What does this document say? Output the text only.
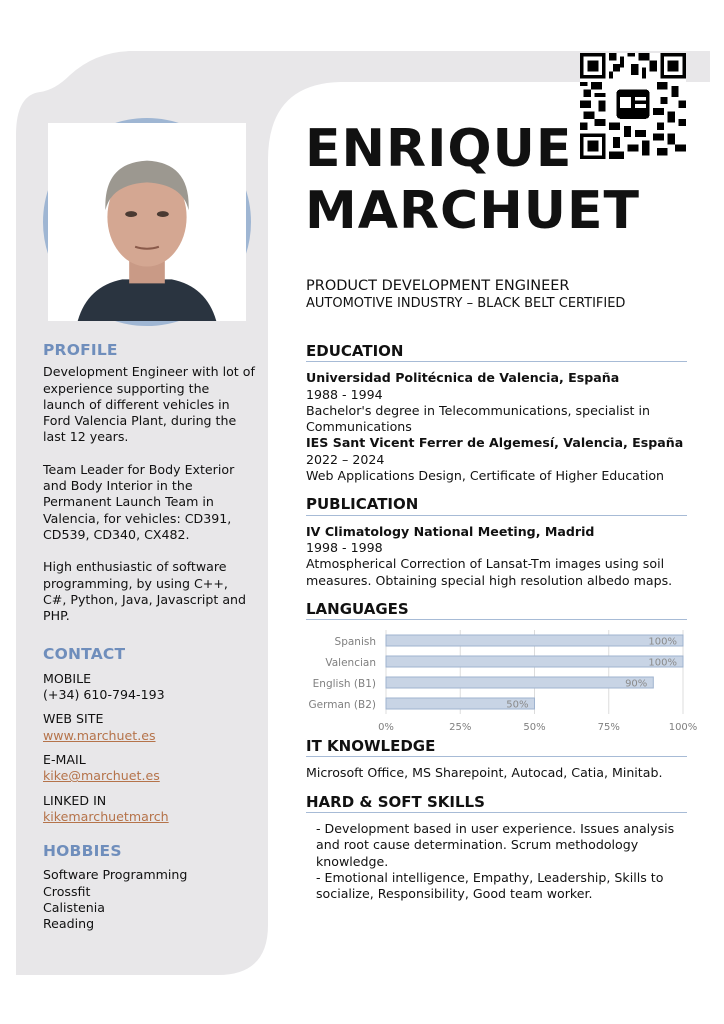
ENRIQUE
MARCHUET
PRODUCT DEVELOPMENT ENGINEER
AUTOMOTIVE INDUSTRY – BLACK BELT CERTIFIED
PROFILE

Development Engineer with lot of experience supporting the launch of different vehicles in Ford Valencia Plant, during the last 12 years.

Team Leader for Body Exterior and Body Interior in the Permanent Launch Team in Valencia, for vehicles: CD391, CD539, CD340, CX482.

High enthusiastic of software programming, by using C++, C#, Python, Java, Javascript and PHP.

CONTACT
MOBILE
(+34) 610-794-193
WEB SITE
www.marchuet.es
E-MAIL
kike@marchuet.es
LINKED IN
kikemarchuetmarch
HOBBIES
Software Programming
Crossfit
Calistenia
Reading
EDUCATION
Universidad Politécnica de Valencia, España
1988 - 1994
Bachelor's degree in Telecommunications, specialist in Communications
IES Sant Vicent Ferrer de Algemesí, Valencia, España
2022 – 2024
Web Applications Design, Certificate of Higher Education
PUBLICATION
IV Climatology National Meeting, Madrid
1998 - 1998
Atmospherical Correction of Lansat-Tm images using soil measures. Obtaining special high resolution albedo maps.
LANGUAGES
0%	25%	50%	75%	100%
Spanish	100%
Valencian	100%
English (B1)	90%
German (B2)	50%
IT KNOWLEDGE
Microsoft Office, MS Sharepoint, Autocad, Catia, Minitab.
HARD & SOFT SKILLS
- Development based in user experience. Issues analysis and root cause determination. Scrum methodology knowledge.
- Emotional intelligence, Empathy, Leadership, Skills to socialize, Responsibility, Good team worker.
